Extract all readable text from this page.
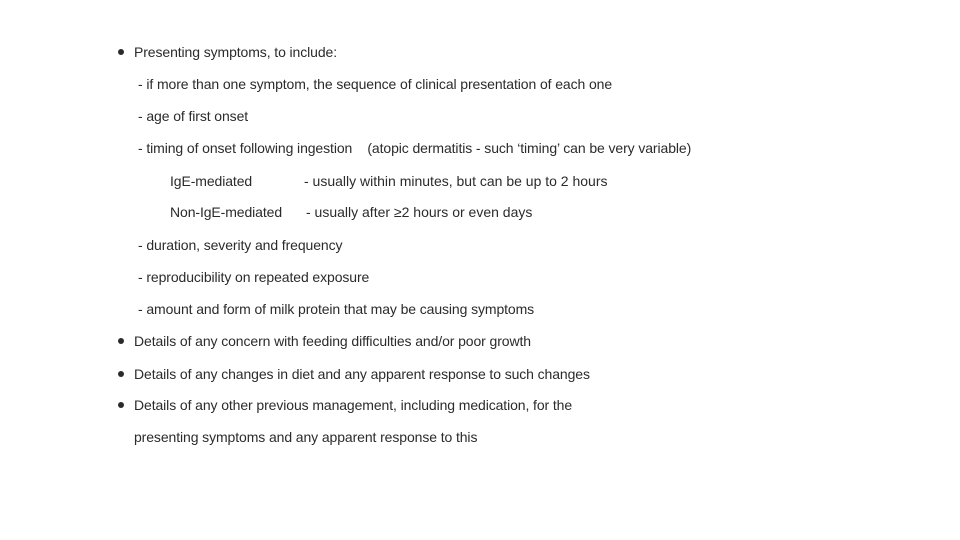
Presenting symptoms, to include:
- if more than one symptom, the sequence of clinical presentation of each one
- age of first onset
- timing of onset following ingestion    (atopic dermatitis - such ‘timing’ can be very variable)
IgE-mediated	- usually within minutes, but can be up to 2 hours
Non-IgE-mediated - usually after ≥2 hours or even days
- duration, severity and frequency
- reproducibility on repeated exposure
- amount and form of milk protein that may be causing symptoms
Details of any concern with feeding difficulties and/or poor growth
Details of any changes in diet and any apparent response to such changes
Details of any other previous management, including medication, for the
presenting symptoms and any apparent response to this
